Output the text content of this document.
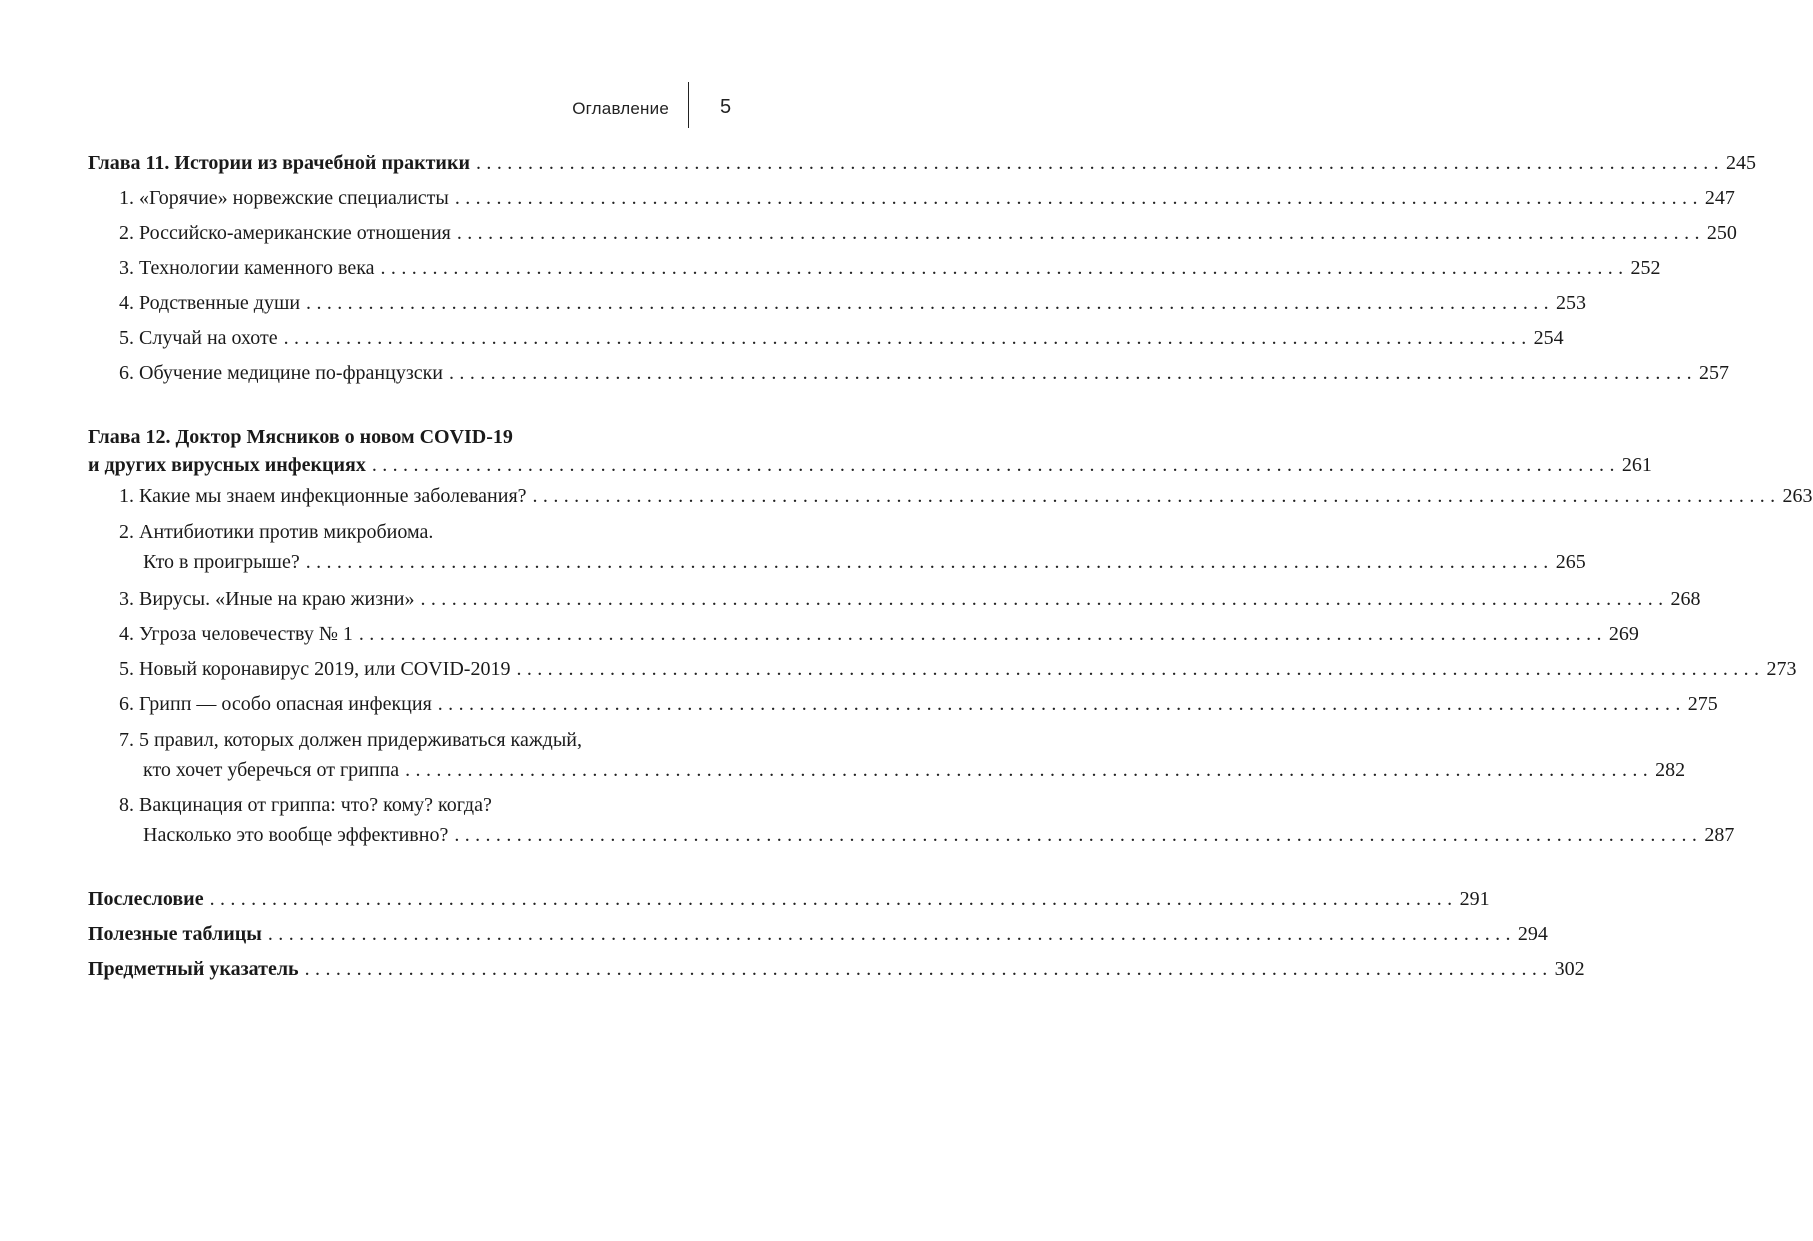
Оглавление	5
Глава 11. Истории из врачебной практики ........................................................................................................................ 245
1. «Горячие» норвежские специалисты ........................................................................................................................ 247
2. Российско-американские отношения ........................................................................................................................ 250
3. Технологии каменного века ........................................................................................................................ 252
4. Родственные души ........................................................................................................................ 253
5. Случай на охоте ........................................................................................................................ 254
6. Обучение медицине по-французски ........................................................................................................................ 257
Глава 12. Доктор Мясников о новом COVID-19
и других вирусных инфекциях ........................................................................................................................ 261
1. Какие мы знаем инфекционные заболевания? ........................................................................................................................ 263
2. Антибиотики против микробиома.
Кто в проигрыше? ........................................................................................................................ 265
3. Вирусы. «Иные на краю жизни» ........................................................................................................................ 268
4. Угроза человечеству № 1 ........................................................................................................................ 269
5. Новый коронавирус 2019, или COVID-2019 ........................................................................................................................ 273
6. Грипп — особо опасная инфекция ........................................................................................................................ 275
7. 5 правил, которых должен придерживаться каждый,
кто хочет уберечься от гриппа ........................................................................................................................ 282
8. Вакцинация от гриппа: что? кому? когда?
Насколько это вообще эффективно? ........................................................................................................................ 287
Послесловие ........................................................................................................................ 291
Полезные таблицы ........................................................................................................................ 294
Предметный указатель ........................................................................................................................ 302
